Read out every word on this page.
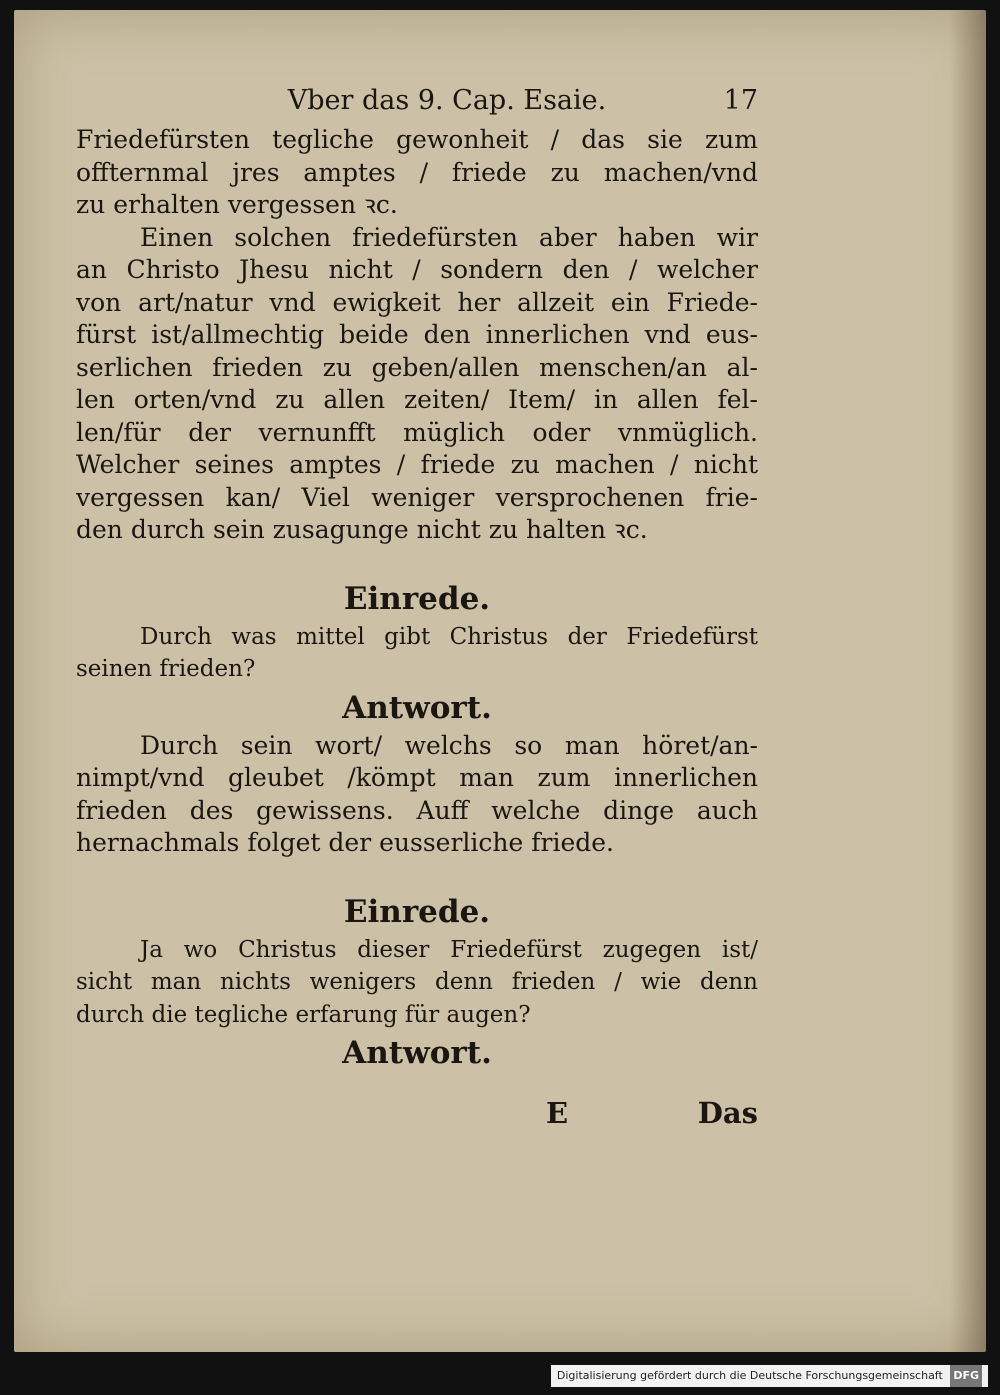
Vber das 9. Cap. Esaie.	17
Friedefürsten tegliche gewonheit / das sie zum
offternmal jres amptes / friede zu machen/vnd
zu erhalten vergessen ꝛc.
Einen solchen friedefürsten aber haben wir
an Christo Jhesu nicht / sondern den / welcher
von art/natur vnd ewigkeit her allzeit ein Friede-
fürst ist/allmechtig beide den innerlichen vnd eus-
serlichen frieden zu geben/allen menschen/an al-
len orten/vnd zu allen zeiten/ Item/ in allen fel-
len/für der vernunfft müglich oder vnmüglich.
Welcher seines amptes / friede zu machen / nicht
vergessen kan/ Viel weniger versprochenen frie-
den durch sein zusagunge nicht zu halten ꝛc.
Einrede.
Durch was mittel gibt Christus der Friedefürst
seinen frieden?
Antwort.
Durch sein wort/ welchs so man höret/an-
nimpt/vnd gleubet /kömpt man zum innerlichen
frieden des gewissens. Auff welche dinge auch
hernachmals folget der eusserliche friede.
Einrede.
Ja wo Christus dieser Friedefürst zugegen ist/
sicht man nichts wenigers denn frieden / wie denn
durch die tegliche erfarung für augen?
Antwort.
E	Das
Digitalisierung gefördert durch die Deutsche Forschungsgemeinschaft DFG
